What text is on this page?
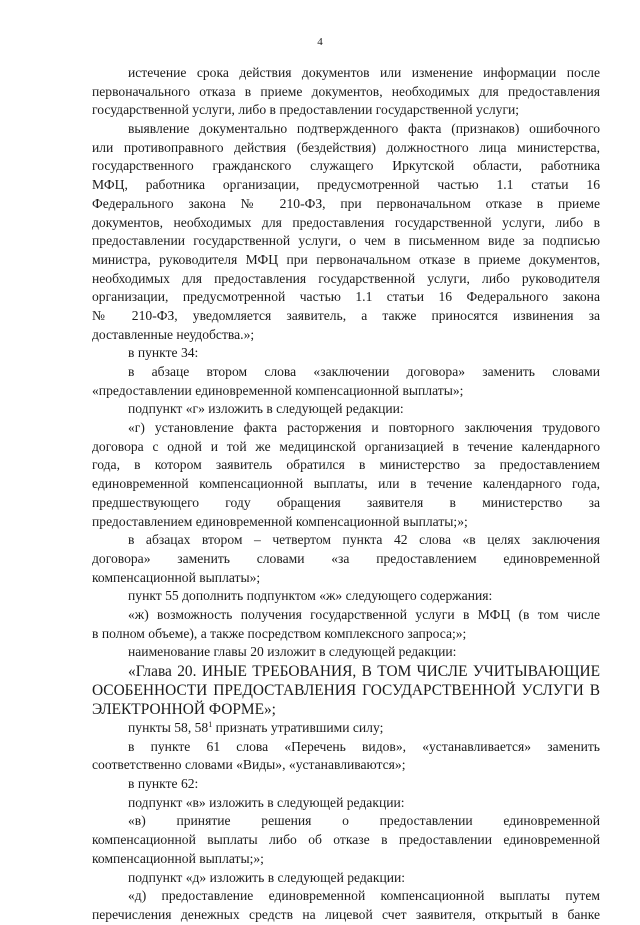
4
истечение срока действия документов или изменение информации после
первоначального отказа в приеме документов, необходимых для предоставления
государственной услуги, либо в предоставлении государственной услуги;
выявление документально подтвержденного факта (признаков) ошибочного
или противоправного действия (бездействия) должностного лица министерства,
государственного гражданского служащего Иркутской области, работника
МФЦ, работника организации, предусмотренной частью 1.1 статьи 16
Федерального закона № 210-ФЗ, при первоначальном отказе в приеме
документов, необходимых для предоставления государственной услуги, либо в
предоставлении государственной услуги, о чем в письменном виде за подписью
министра, руководителя МФЦ при первоначальном отказе в приеме документов,
необходимых для предоставления государственной услуги, либо руководителя
организации, предусмотренной частью 1.1 статьи 16 Федерального закона
№ 210-ФЗ, уведомляется заявитель, а также приносятся извинения за
доставленные неудобства.»;
в пункте 34:
в абзаце втором слова «заключении договора» заменить словами
«предоставлении единовременной компенсационной выплаты»;
подпункт «г» изложить в следующей редакции:
«г) установление факта расторжения и повторного заключения трудового
договора с одной и той же медицинской организацией в течение календарного
года, в котором заявитель обратился в министерство за предоставлением
единовременной компенсационной выплаты, или в течение календарного года,
предшествующего году обращения заявителя в министерство за
предоставлением единовременной компенсационной выплаты;»;
в абзацах втором – четвертом пункта 42 слова «в целях заключения
договора» заменить словами «за предоставлением единовременной
компенсационной выплаты»;
пункт 55 дополнить подпунктом «ж» следующего содержания:
«ж) возможность получения государственной услуги в МФЦ (в том числе
в полном объеме), а также посредством комплексного запроса;»;
наименование главы 20 изложит в следующей редакции:
«Глава 20. ИНЫЕ ТРЕБОВАНИЯ, В ТОМ ЧИСЛЕ УЧИТЫВАЮЩИЕ
ОСОБЕННОСТИ ПРЕДОСТАВЛЕНИЯ ГОСУДАРСТВЕННОЙ УСЛУГИ В
ЭЛЕКТРОННОЙ ФОРМЕ»;
пункты 58, $58^1$ признать утратившими силу;
в пункте 61 слова «Перечень видов», «устанавливается» заменить
соответственно словами «Виды», «устанавливаются»;
в пункте 62:
подпункт «в» изложить в следующей редакции:
«в) принятие решения о предоставлении единовременной
компенсационной выплаты либо об отказе в предоставлении единовременной
компенсационной выплаты;»;
подпункт «д» изложить в следующей редакции:
«д) предоставление единовременной компенсационной выплаты путем
перечисления денежных средств на лицевой счет заявителя, открытый в банке
